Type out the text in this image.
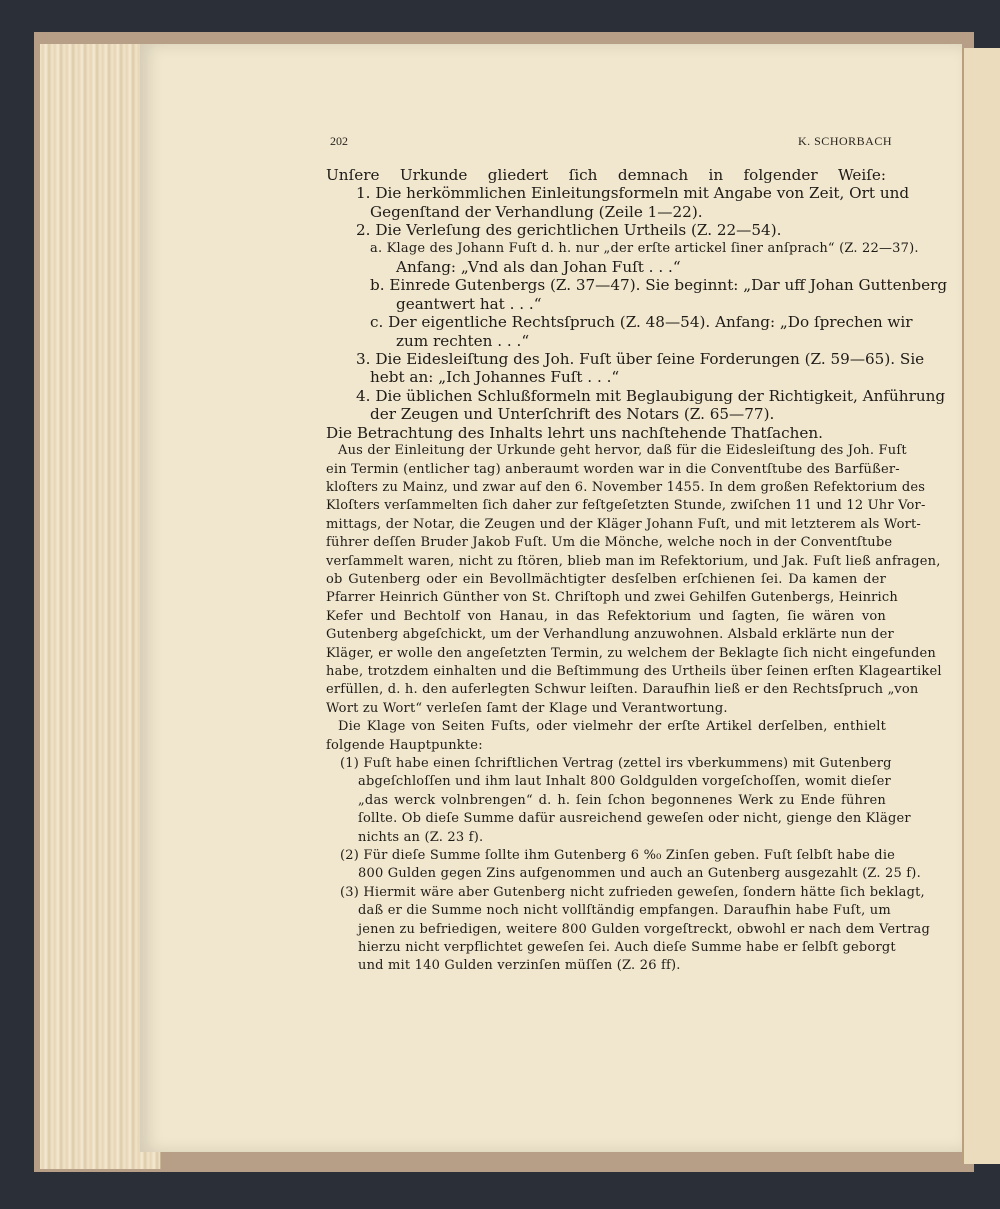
202	K. SCHORBACH
Unſere Urkunde gliedert ſich demnach in folgender Weiſe:
1. Die herkömmlichen Einleitungsformeln mit Angabe von Zeit, Ort und
Gegenſtand der Verhandlung (Zeile 1—22).
2. Die Verleſung des gerichtlichen Urtheils (Z. 22—54).
a. Klage des Johann Fuſt d. h. nur „der erſte artickel ſiner anſprach“ (Z. 22—37).
Anfang: „Vnd als dan Johan Fuſt . . .“
b. Einrede Gutenbergs (Z. 37—47). Sie beginnt: „Dar uff Johan Guttenberg
geantwert hat . . .“
c. Der eigentliche Rechtsſpruch (Z. 48—54). Anfang: „Do ſprechen wir
zum rechten . . .“
3. Die Eidesleiſtung des Joh. Fuſt über ſeine Forderungen (Z. 59—65). Sie
hebt an: „Ich Johannes Fuſt . . .“
4. Die üblichen Schlußformeln mit Beglaubigung der Richtigkeit, Anführung
der Zeugen und Unterſchrift des Notars (Z. 65—77).
Die Betrachtung des Inhalts lehrt uns nachſtehende Thatſachen.
Aus der Einleitung der Urkunde geht hervor, daß für die Eidesleiſtung des Joh. Fuſt
ein Termin (entlicher tag) anberaumt worden war in die Conventſtube des Barfüßer-
kloſters zu Mainz, und zwar auf den 6. November 1455. In dem großen Refektorium des
Kloſters verſammelten ſich daher zur feſtgeſetzten Stunde, zwiſchen 11 und 12 Uhr Vor-
mittags, der Notar, die Zeugen und der Kläger Johann Fuſt, und mit letzterem als Wort-
führer deſſen Bruder Jakob Fuſt. Um die Mönche, welche noch in der Conventſtube
verſammelt waren, nicht zu ſtören, blieb man im Refektorium, und Jak. Fuſt ließ anfragen,
ob Gutenberg oder ein Bevollmächtigter desſelben erſchienen ſei. Da kamen der
Pfarrer Heinrich Günther von St. Chriſtoph und zwei Gehilfen Gutenbergs, Heinrich
Kefer und Bechtolf von Hanau, in das Refektorium und ſagten, ſie wären von
Gutenberg abgeſchickt, um der Verhandlung anzuwohnen. Alsbald erklärte nun der
Kläger, er wolle den angeſetzten Termin, zu welchem der Beklagte ſich nicht eingefunden
habe, trotzdem einhalten und die Beſtimmung des Urtheils über ſeinen erſten Klageartikel
erfüllen, d. h. den auferlegten Schwur leiſten. Daraufhin ließ er den Rechtsſpruch „von
Wort zu Wort“ verleſen ſamt der Klage und Verantwortung.
Die Klage von Seiten Fuſts, oder vielmehr der erſte Artikel derſelben, enthielt
folgende Hauptpunkte:
(1) Fuſt habe einen ſchriftlichen Vertrag (zettel irs vberkummens) mit Gutenberg
abgeſchloſſen und ihm laut Inhalt 800 Goldgulden vorgeſchoſſen, womit dieſer
„das werck volnbrengen“ d. h. ſein ſchon begonnenes Werk zu Ende führen
ſollte. Ob dieſe Summe dafür ausreichend geweſen oder nicht, gienge den Kläger
nichts an (Z. 23 f).
(2) Für dieſe Summe ſollte ihm Gutenberg 6 %₀ Zinſen geben. Fuſt ſelbſt habe die
800 Gulden gegen Zins aufgenommen und auch an Gutenberg ausgezahlt (Z. 25 f).
(3) Hiermit wäre aber Gutenberg nicht zufrieden geweſen, ſondern hätte ſich beklagt,
daß er die Summe noch nicht vollſtändig empfangen. Daraufhin habe Fuſt, um
jenen zu befriedigen, weitere 800 Gulden vorgeſtreckt, obwohl er nach dem Vertrag
hierzu nicht verpflichtet geweſen ſei. Auch dieſe Summe habe er ſelbſt geborgt
und mit 140 Gulden verzinſen müſſen (Z. 26 ff).
